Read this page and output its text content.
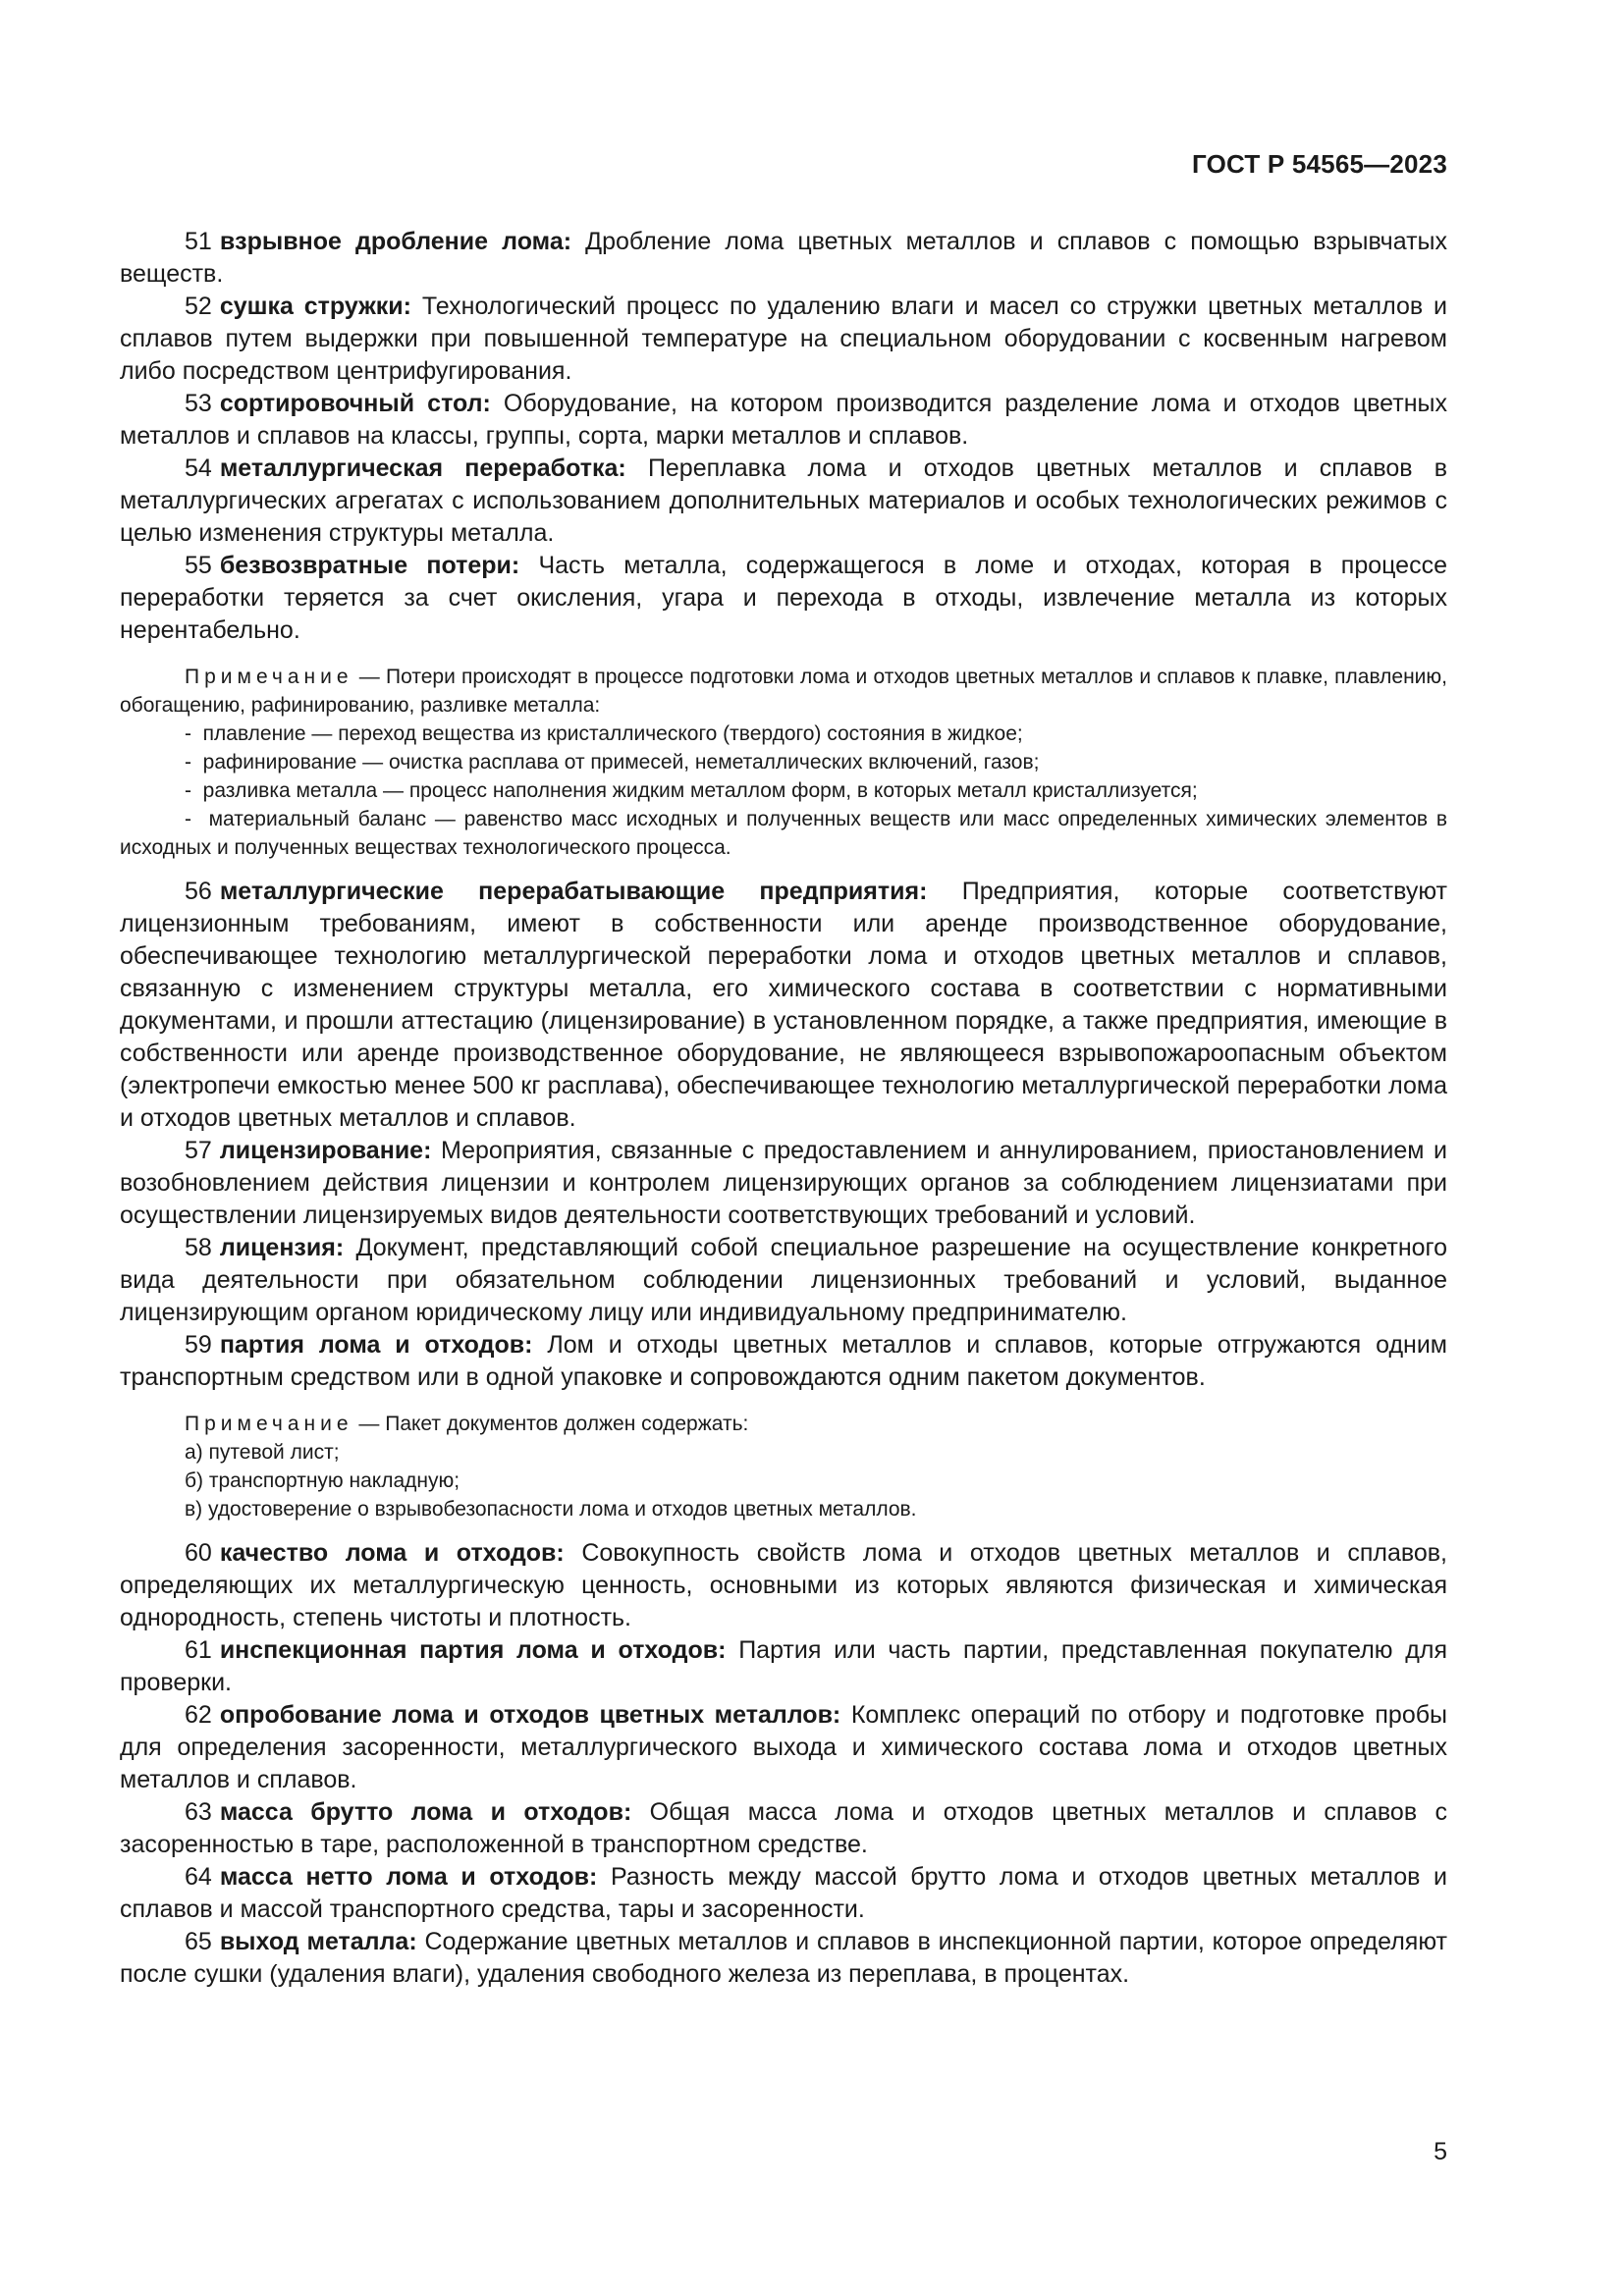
ГОСТ Р 54565—2023

51 взрывное дробление лома: Дробление лома цветных металлов и сплавов с помощью взрывчатых веществ.

52 сушка стружки: Технологический процесс по удалению влаги и масел со стружки цветных металлов и сплавов путем выдержки при повышенной температуре на специальном оборудовании с косвенным нагревом либо посредством центрифугирования.

53 сортировочный стол: Оборудование, на котором производится разделение лома и отходов цветных металлов и сплавов на классы, группы, сорта, марки металлов и сплавов.

54 металлургическая переработка: Переплавка лома и отходов цветных металлов и сплавов в металлургических агрегатах с использованием дополнительных материалов и особых технологических режимов с целью изменения структуры металла.

55 безвозвратные потери: Часть металла, содержащегося в ломе и отходах, которая в процессе переработки теряется за счет окисления, угара и перехода в отходы, извлечение металла из которых нерентабельно.

Примечание — Потери происходят в процессе подготовки лома и отходов цветных металлов и сплавов к плавке, плавлению, обогащению, рафинированию, разливке металла:

-  плавление — переход вещества из кристаллического (твердого) состояния в жидкое;
-  рафинирование — очистка расплава от примесей, неметаллических включений, газов;
-  разливка металла — процесс наполнения жидким металлом форм, в которых металл кристаллизуется;
-  материальный баланс — равенство масс исходных и полученных веществ или масс определенных химических элементов в исходных и полученных веществах технологического процесса.

56 металлургические перерабатывающие предприятия: Предприятия, которые соответствуют лицензионным требованиям, имеют в собственности или аренде производственное оборудование, обеспечивающее технологию металлургической переработки лома и отходов цветных металлов и сплавов, связанную с изменением структуры металла, его химического состава в соответствии с нормативными документами, и прошли аттестацию (лицензирование) в установленном порядке, а также предприятия, имеющие в собственности или аренде производственное оборудование, не являющееся взрывопожароопасным объектом (электропечи емкостью менее 500 кг расплава), обеспечивающее технологию металлургической переработки лома и отходов цветных металлов и сплавов.

57 лицензирование: Мероприятия, связанные с предоставлением и аннулированием, приостановлением и возобновлением действия лицензии и контролем лицензирующих органов за соблюдением лицензиатами при осуществлении лицензируемых видов деятельности соответствующих требований и условий.

58 лицензия: Документ, представляющий собой специальное разрешение на осуществление конкретного вида деятельности при обязательном соблюдении лицензионных требований и условий, выданное лицензирующим органом юридическому лицу или индивидуальному предпринимателю.

59 партия лома и отходов: Лом и отходы цветных металлов и сплавов, которые отгружаются одним транспортным средством или в одной упаковке и сопровождаются одним пакетом документов.

Примечание — Пакет документов должен содержать:

а) путевой лист;
б) транспортную накладную;
в) удостоверение о взрывобезопасности лома и отходов цветных металлов.

60 качество лома и отходов: Совокупность свойств лома и отходов цветных металлов и сплавов, определяющих их металлургическую ценность, основными из которых являются физическая и химическая однородность, степень чистоты и плотность.

61 инспекционная партия лома и отходов: Партия или часть партии, представленная покупателю для проверки.

62 опробование лома и отходов цветных металлов: Комплекс операций по отбору и подготовке пробы для определения засоренности, металлургического выхода и химического состава лома и отходов цветных металлов и сплавов.

63 масса брутто лома и отходов: Общая масса лома и отходов цветных металлов и сплавов с засоренностью в таре, расположенной в транспортном средстве.

64 масса нетто лома и отходов: Разность между массой брутто лома и отходов цветных металлов и сплавов и массой транспортного средства, тары и засоренности.

65 выход металла: Содержание цветных металлов и сплавов в инспекционной партии, которое определяют после сушки (удаления влаги), удаления свободного железа из переплава, в процентах.

5
